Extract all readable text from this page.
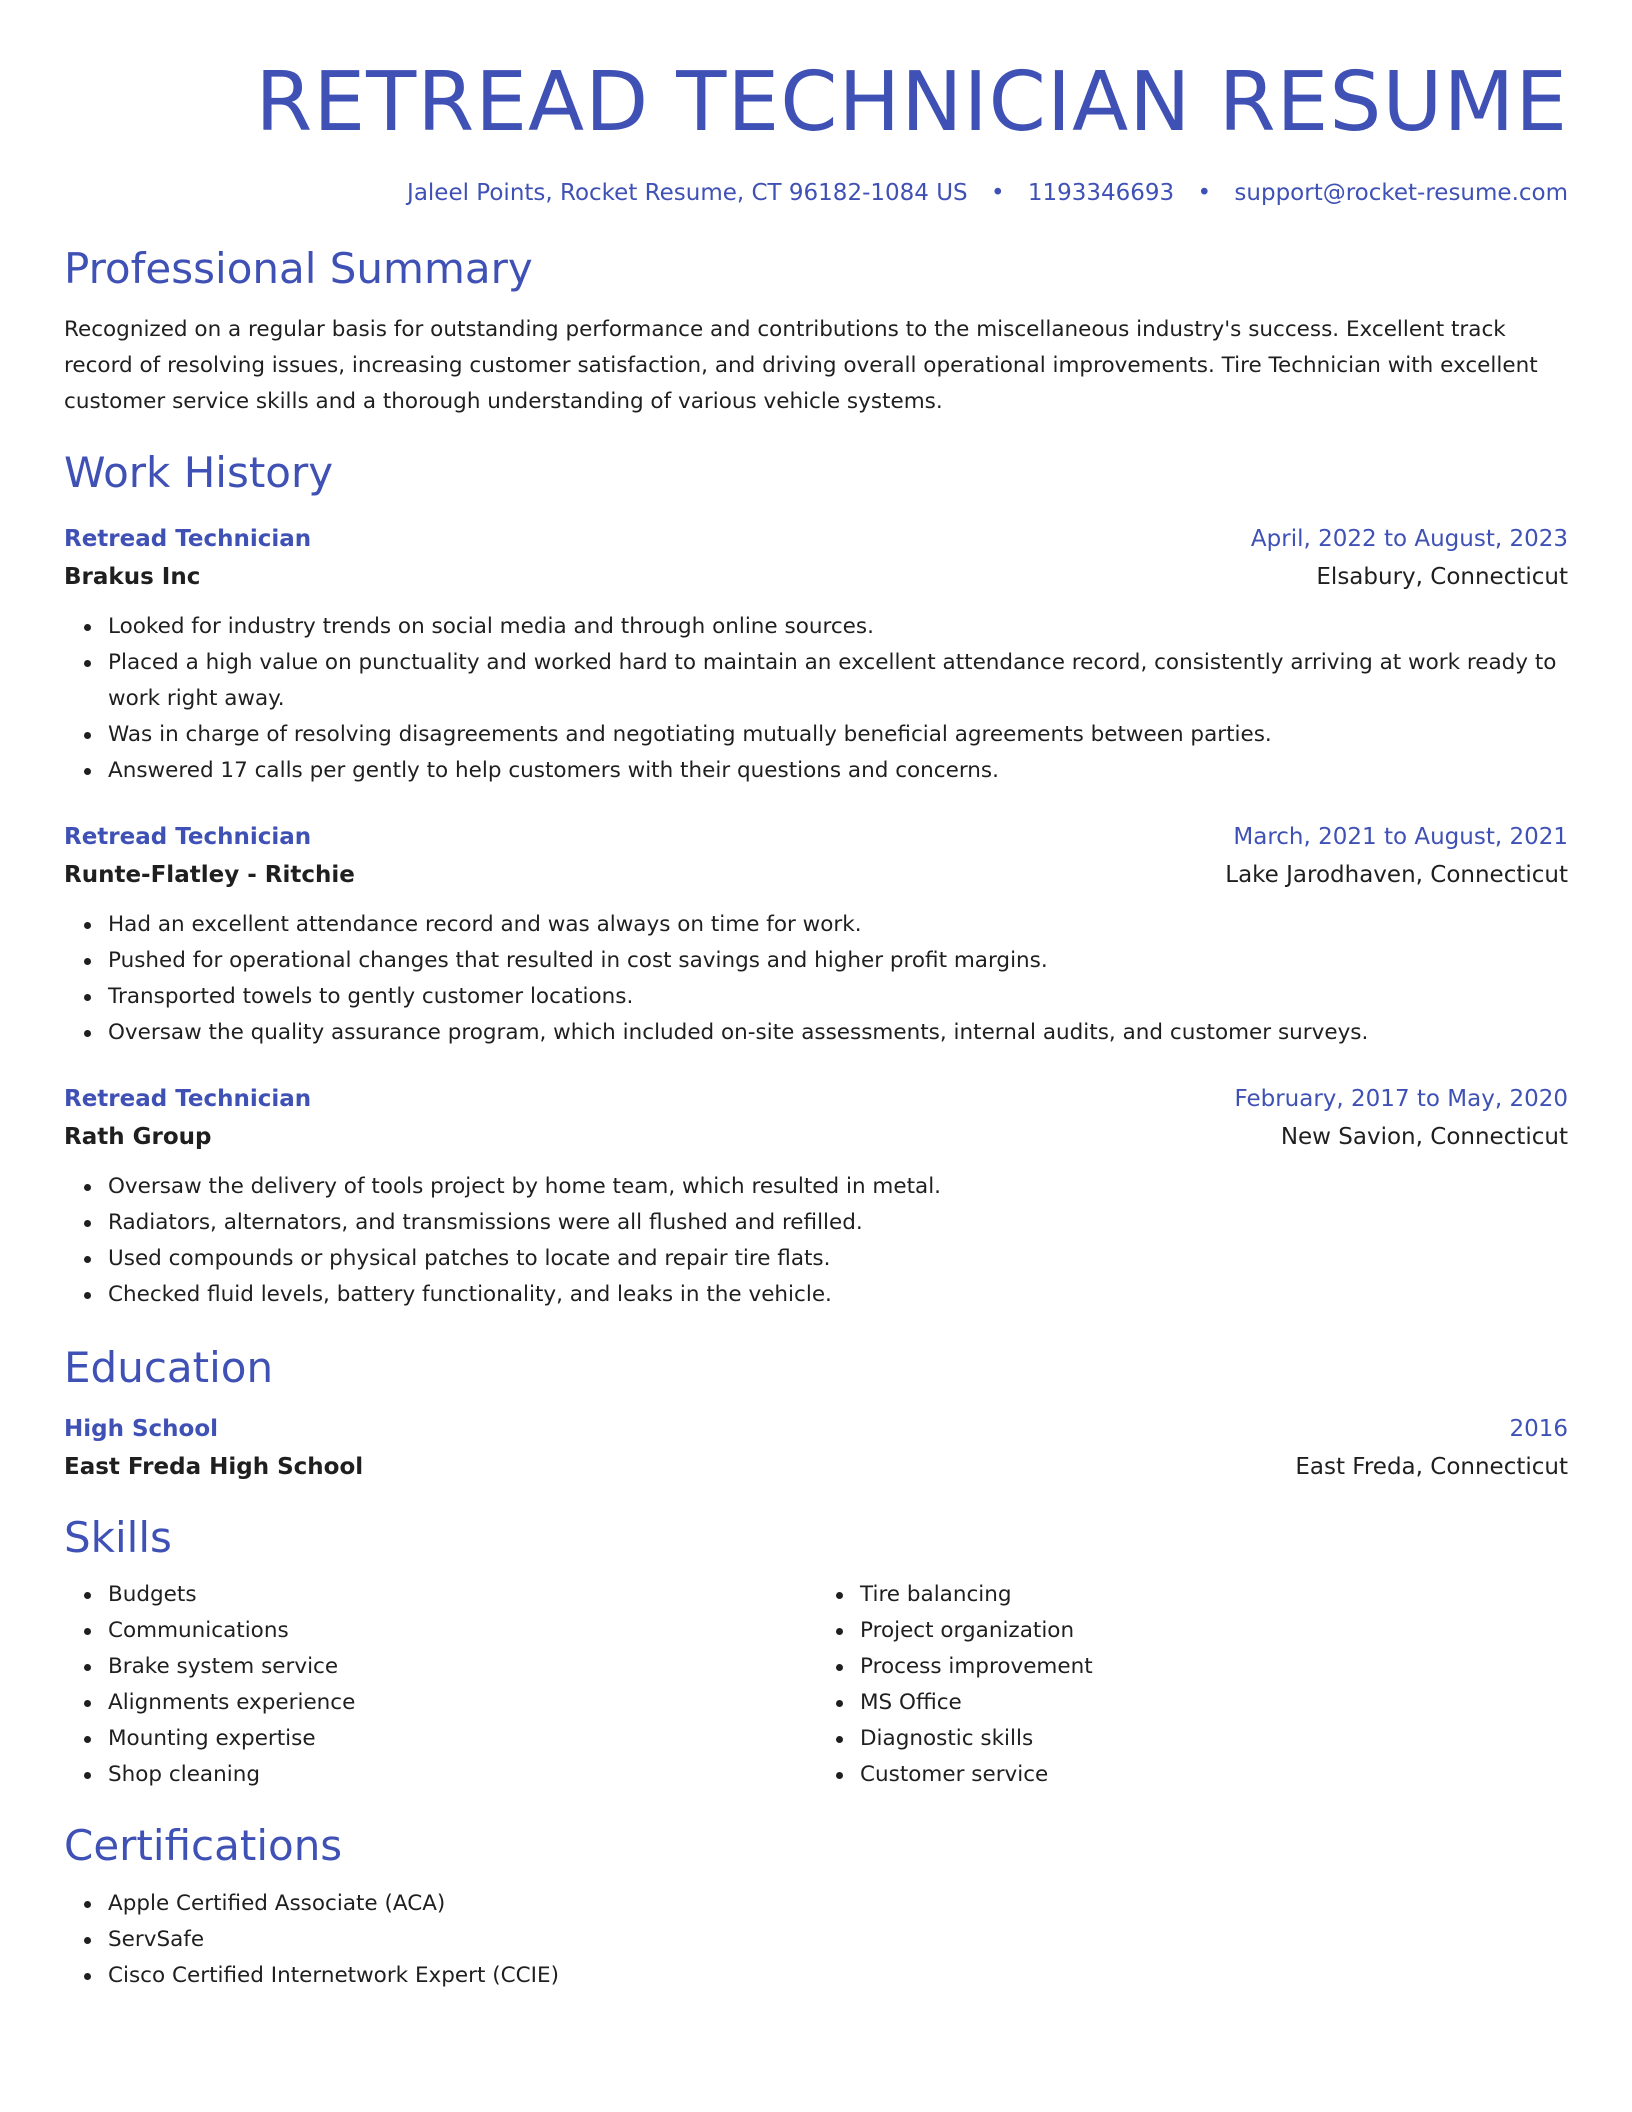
RETREAD TECHNICIAN RESUME
Jaleel Points, Rocket Resume, CT 96182-1084 US • 1193346693 • support@rocket-resume.com
Professional Summary

Recognized on a regular basis for outstanding performance and contributions to the miscellaneous industry's success. Excellent track record of resolving issues, increasing customer satisfaction, and driving overall operational improvements. Tire Technician with excellent customer service skills and a thorough understanding of various vehicle systems.

Work History
Retread Technician	April, 2022 to August, 2023
Brakus Inc	Elsabury, Connecticut
Looked for industry trends on social media and through online sources.
Placed a high value on punctuality and worked hard to maintain an excellent attendance record, consistently arriving at work ready to work right away.
Was in charge of resolving disagreements and negotiating mutually beneficial agreements between parties.
Answered 17 calls per gently to help customers with their questions and concerns.
Retread Technician	March, 2021 to August, 2021
Runte-Flatley - Ritchie	Lake Jarodhaven, Connecticut
Had an excellent attendance record and was always on time for work.
Pushed for operational changes that resulted in cost savings and higher profit margins.
Transported towels to gently customer locations.
Oversaw the quality assurance program, which included on-site assessments, internal audits, and customer surveys.
Retread Technician	February, 2017 to May, 2020
Rath Group	New Savion, Connecticut
Oversaw the delivery of tools project by home team, which resulted in metal.
Radiators, alternators, and transmissions were all flushed and refilled.
Used compounds or physical patches to locate and repair tire flats.
Checked fluid levels, battery functionality, and leaks in the vehicle.
Education
High School	2016
East Freda High School	East Freda, Connecticut
Skills
Budgets
Communications
Brake system service
Alignments experience
Mounting expertise
Shop cleaning
Tire balancing
Project organization
Process improvement
MS Office
Diagnostic skills
Customer service
Certifications
Apple Certified Associate (ACA)
ServSafe
Cisco Certified Internetwork Expert (CCIE)
